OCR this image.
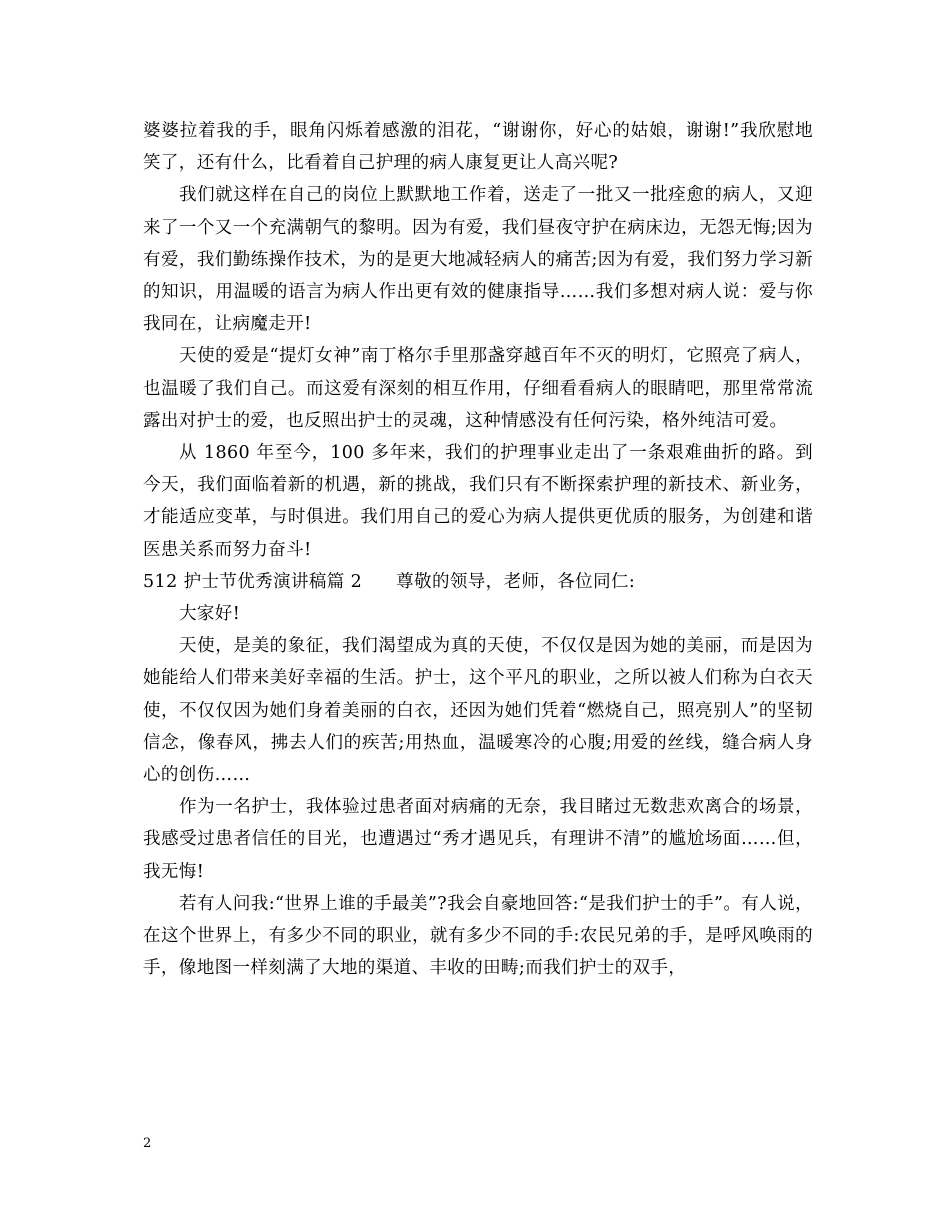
婆婆拉着我的手，眼角闪烁着感激的泪花，“谢谢你，好心的姑娘，谢谢!”我欣慰地笑了，还有什么，比看着自己护理的病人康复更让人高兴呢?

我们就这样在自己的岗位上默默地工作着，送走了一批又一批痊愈的病人，又迎来了一个又一个充满朝气的黎明。因为有爱，我们昼夜守护在病床边，无怨无悔;因为有爱，我们勤练操作技术，为的是更大地减轻病人的痛苦;因为有爱，我们努力学习新的知识，用温暖的语言为病人作出更有效的健康指导……我们多想对病人说：爱与你我同在，让病魔走开!

天使的爱是“提灯女神”南丁格尔手里那盏穿越百年不灭的明灯，它照亮了病人，也温暖了我们自己。而这爱有深刻的相互作用，仔细看看病人的眼睛吧，那里常常流露出对护士的爱，也反照出护士的灵魂，这种情感没有任何污染，格外纯洁可爱。

从 1860 年至今，100 多年来，我们的护理事业走出了一条艰难曲折的路。到今天，我们面临着新的机遇，新的挑战，我们只有不断探索护理的新技术、新业务，才能适应变革，与时俱进。我们用自己的爱心为病人提供更优质的服务，为创建和谐医患关系而努力奋斗!

512 护士节优秀演讲稿篇 2 尊敬的领导，老师，各位同仁:

大家好!

天使，是美的象征，我们渴望成为真的天使，不仅仅是因为她的美丽，而是因为她能给人们带来美好幸福的生活。护士，这个平凡的职业，之所以被人们称为白衣天使，不仅仅因为她们身着美丽的白衣，还因为她们凭着“燃烧自己，照亮别人”的坚韧信念，像春风，拂去人们的疾苦;用热血，温暖寒冷的心腹;用爱的丝线，缝合病人身心的创伤……

作为一名护士，我体验过患者面对病痛的无奈，我目睹过无数悲欢离合的场景，我感受过患者信任的目光，也遭遇过“秀才遇见兵，有理讲不清”的尴尬场面……但，我无悔!

若有人问我:“世界上谁的手最美”?我会自豪地回答:“是我们护士的手”。有人说，在这个世界上，有多少不同的职业，就有多少不同的手:农民兄弟的手，是呼风唤雨的手，像地图一样刻满了大地的渠道、丰收的田畴;而我们护士的双手，

2
